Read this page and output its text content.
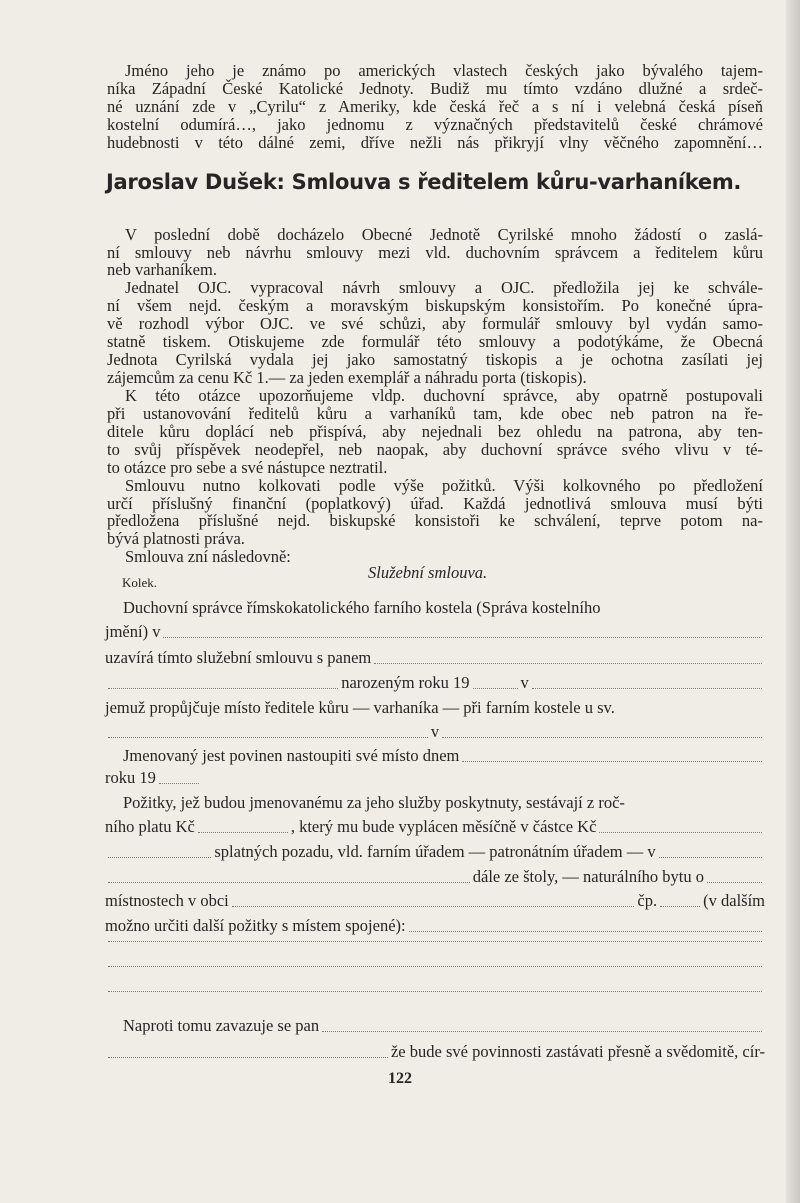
Jméno jeho je známo po amerických vlastech českých jako bývalého tajem-
níka Západní České Katolické Jednoty. Budiž mu tímto vzdáno dlužné a srdeč-
né uznání zde v „Cyrilu“ z Ameriky, kde česká řeč a s ní i velebná česká píseň
kostelní odumírá…, jako jednomu z význačných představitelů české chrámové
hudebnosti v této dálné zemi, dříve nežli nás přikryjí vlny věčného zapomnění…
Jaroslav Dušek: Smlouva s ředitelem kůru-varhaníkem.
V poslední době docházelo Obecné Jednotě Cyrilské mnoho žádostí o zaslá-
ní smlouvy neb návrhu smlouvy mezi vld. duchovním správcem a ředitelem kůru
neb varhaníkem.
Jednatel OJC. vypracoval návrh smlouvy a OJC. předložila jej ke schvále-
ní všem nejd. českým a moravským biskupským konsistořím. Po konečné úpra-
vě rozhodl výbor OJC. ve své schůzi, aby formulář smlouvy byl vydán samo-
statně tiskem. Otiskujeme zde formulář této smlouvy a podotýkáme, že Obecná
Jednota Cyrilská vydala jej jako samostatný tiskopis a je ochotna zasílati jej
zájemcům za cenu Kč 1.— za jeden exemplář a náhradu porta (tiskopis).
K této otázce upozorňujeme vldp. duchovní správce, aby opatrně postupovali
při ustanovování ředitelů kůru a varhaníků tam, kde obec neb patron na ře-
ditele kůru doplácí neb přispívá, aby nejednali bez ohledu na patrona, aby ten-
to svůj příspěvek neodepřel, neb naopak, aby duchovní správce svého vlivu v té-
to otázce pro sebe a své nástupce neztratil.
Smlouvu nutno kolkovati podle výše požitků. Výši kolkovného po předložení
určí příslušný finanční (poplatkový) úřad. Každá jednotlivá smlouva musí býti
předložena příslušné nejd. biskupské konsistoři ke schválení, teprve potom na-
bývá platnosti práva.
Smlouva zní následovně:
Kolek.
Služební smlouva.
Duchovní správce římskokatolického farního kostela (Správa kostelního
jmění) v
uzavírá tímto služební smlouvu s panem
narozeným roku 19	v
jemuž propůjčuje místo ředitele kůru — varhaníka — při farním kostele u sv.
v
Jmenovaný jest povinen nastoupiti své místo dnem
roku 19
Požitky, jež budou jmenovanému za jeho služby poskytnuty, sestávají z roč-
ního platu Kč	, který mu bude vyplácen měsíčně v částce Kč
splatných pozadu, vld. farním úřadem — patronátním úřadem — v
dále ze štoly, — naturálního bytu o
místnostech v obci	čp.	(v dalším
možno určiti další požitky s místem spojené):
Naproti tomu zavazuje se pan
že bude své povinnosti zastávati přesně a svědomitě, cír-
122
